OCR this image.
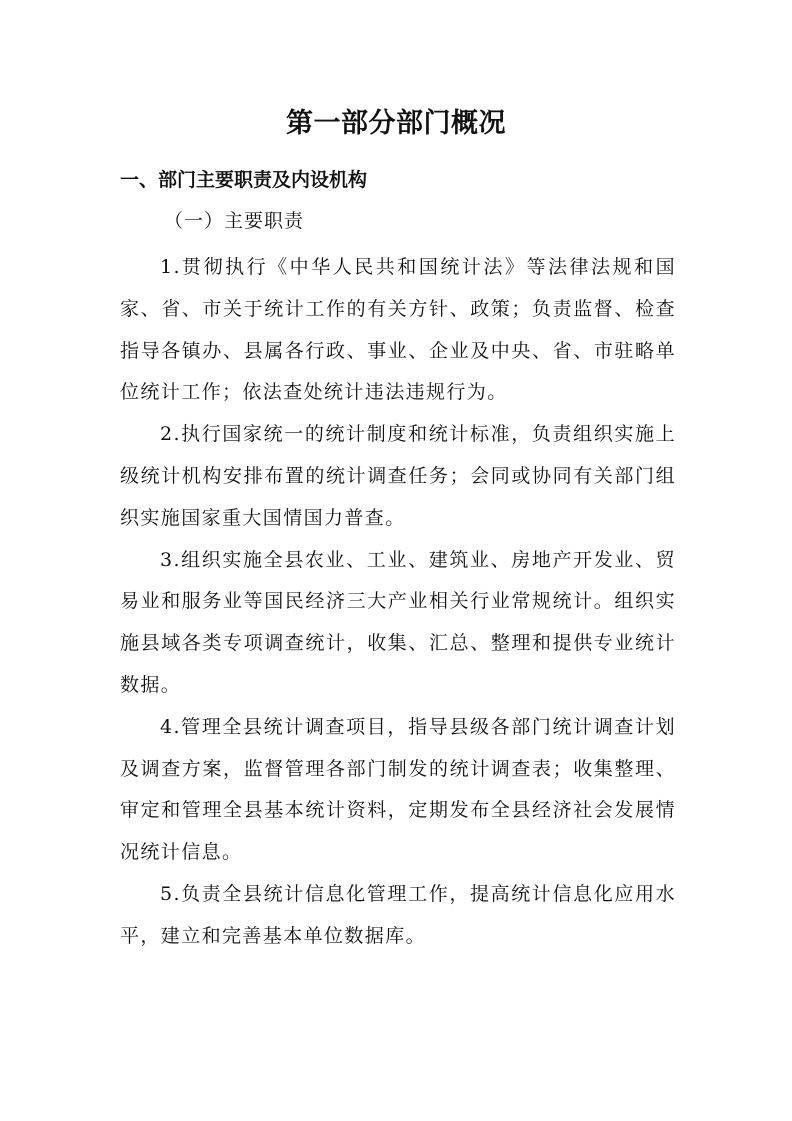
第一部分部门概况
一、部门主要职责及内设机构
（一）主要职责

1.贯彻执行《中华人民共和国统计法》等法律法规和国家、省、市关于统计工作的有关方针、政策；负责监督、检查指导各镇办、县属各行政、事业、企业及中央、省、市驻略单位统计工作；依法查处统计违法违规行为。

2.执行国家统一的统计制度和统计标准，负责组织实施上级统计机构安排布置的统计调查任务；会同或协同有关部门组织实施国家重大国情国力普查。

3.组织实施全县农业、工业、建筑业、房地产开发业、贸易业和服务业等国民经济三大产业相关行业常规统计。组织实施县域各类专项调查统计，收集、汇总、整理和提供专业统计数据。

4.管理全县统计调查项目，指导县级各部门统计调查计划及调查方案，监督管理各部门制发的统计调查表；收集整理、审定和管理全县基本统计资料，定期发布全县经济社会发展情况统计信息。

5.负责全县统计信息化管理工作，提高统计信息化应用水平，建立和完善基本单位数据库。
